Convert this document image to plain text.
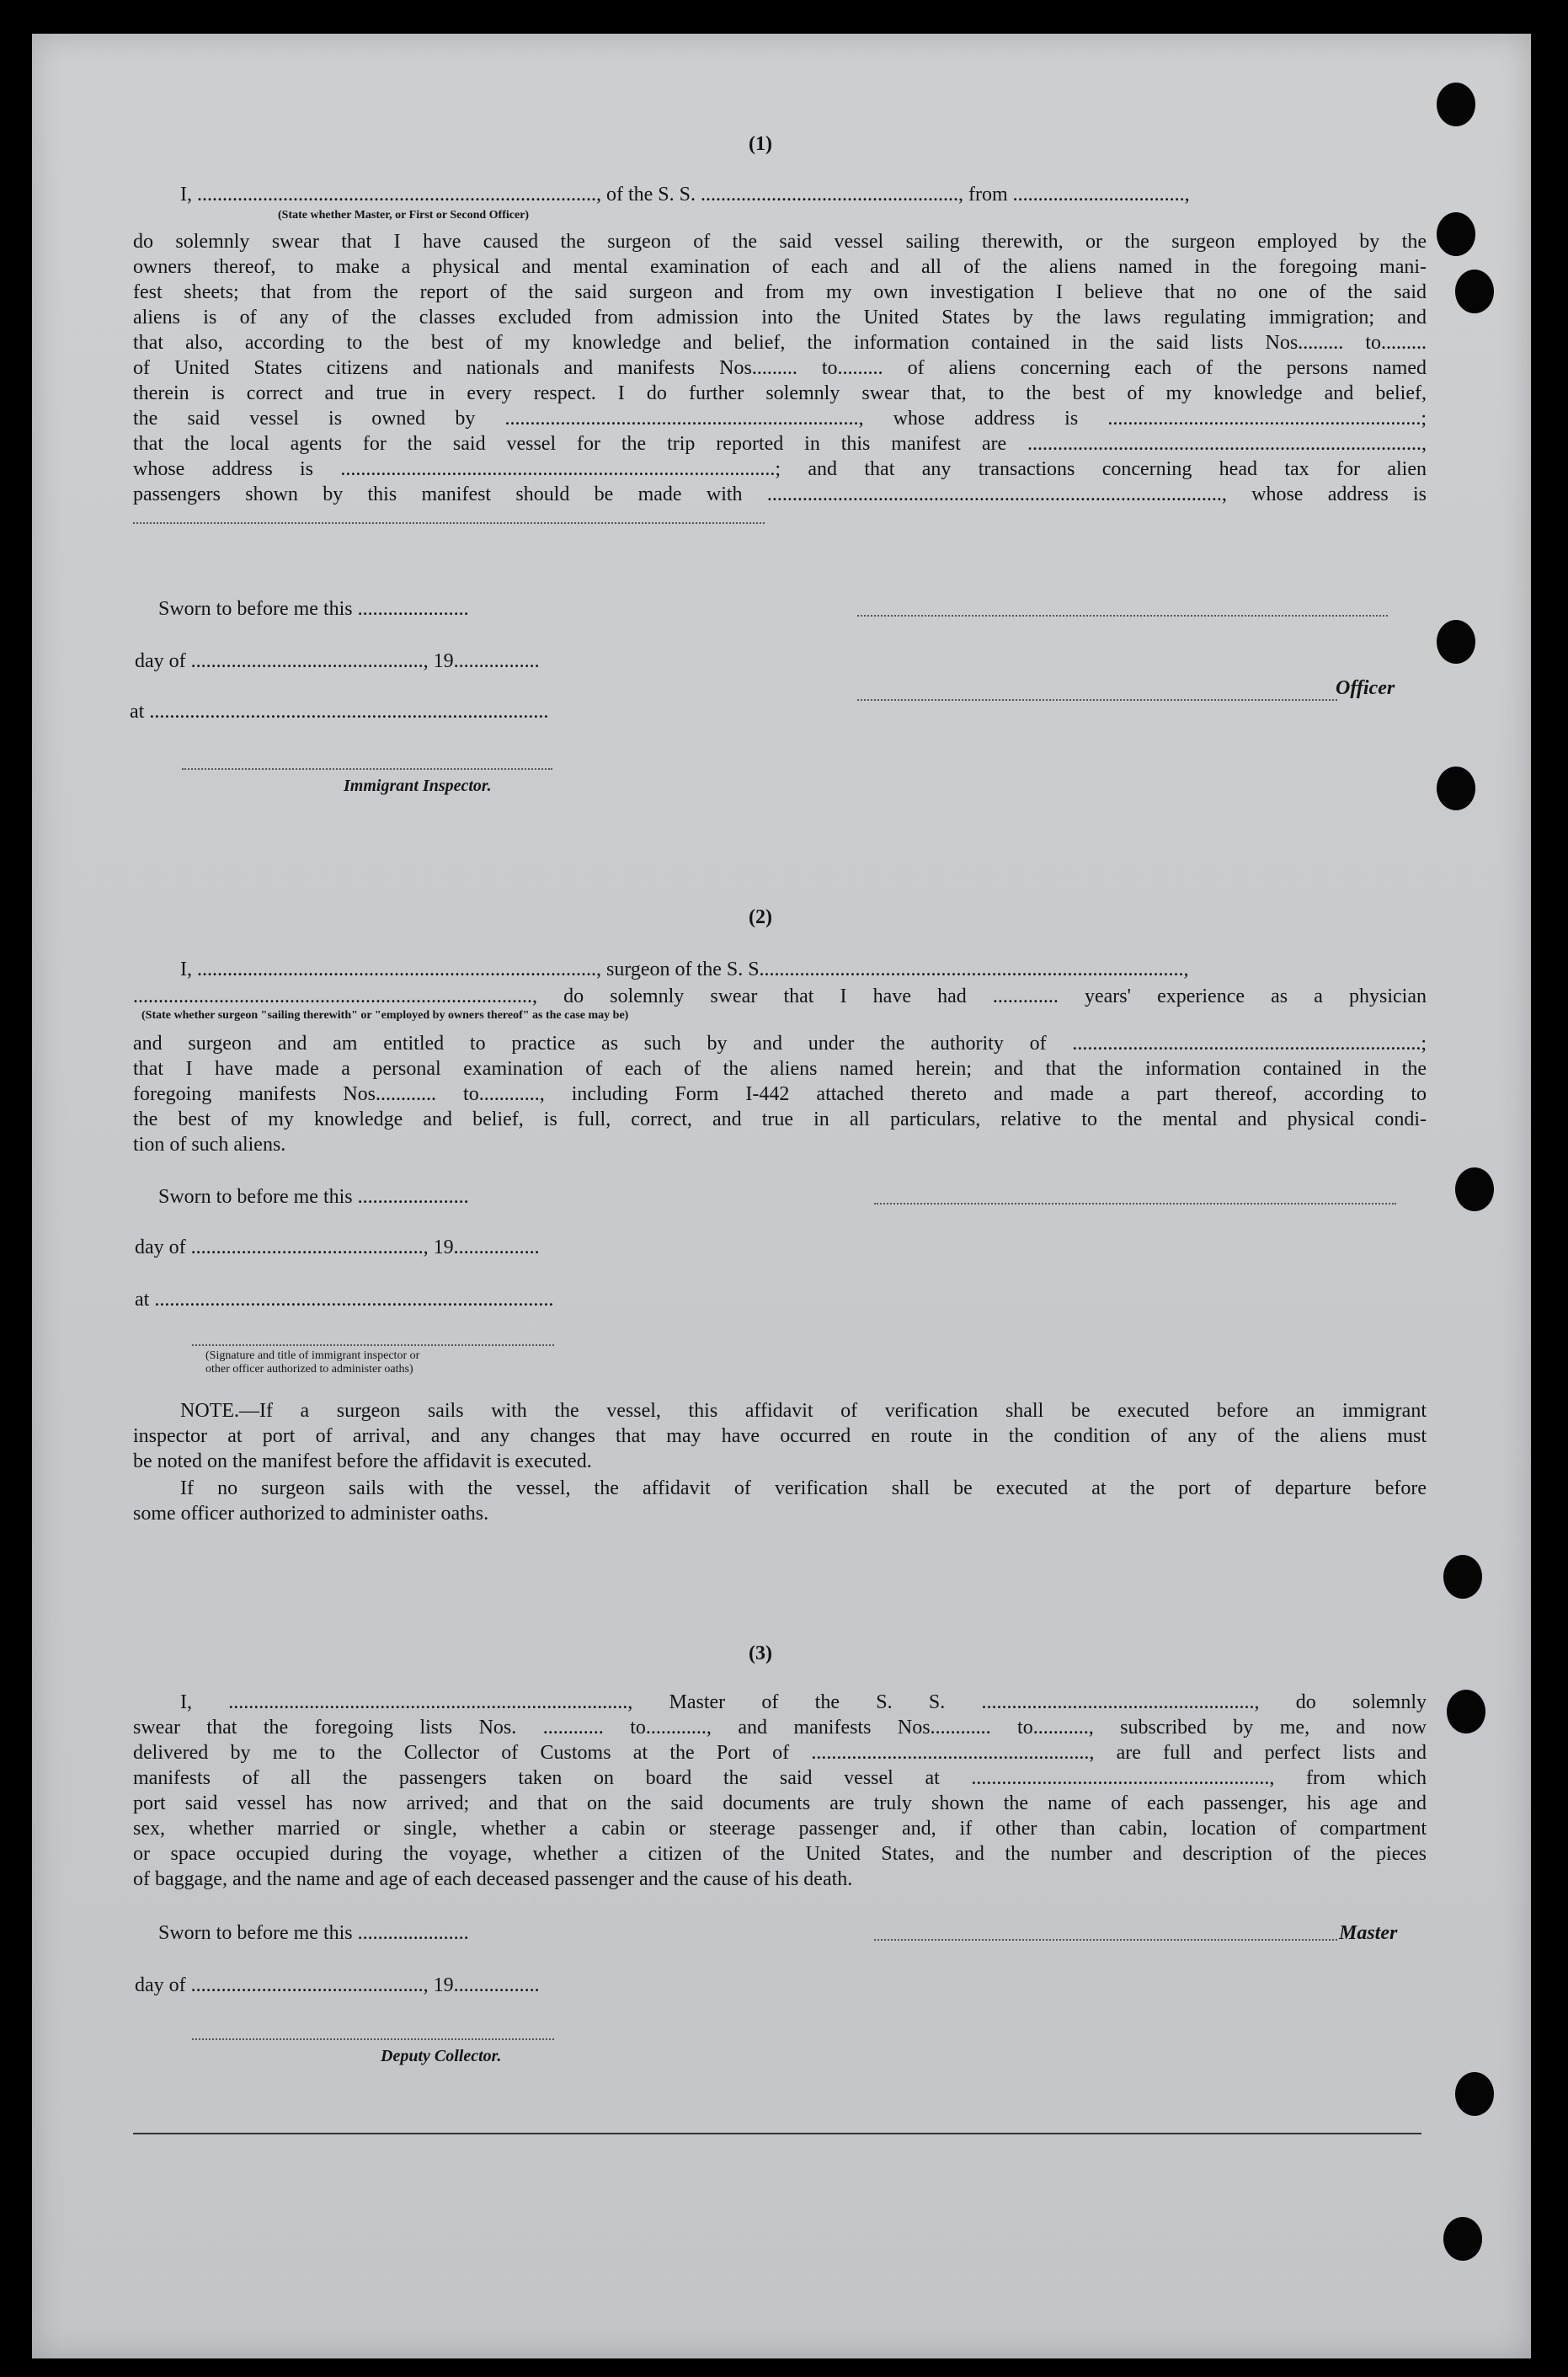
(1)
I, ..............................................................................., of the S. S. ..................................................., from ..................................,
(State whether Master, or First or Second Officer)
do solemnly swear that I have caused the surgeon of the said vessel sailing therewith, or the surgeon employed by the
owners thereof, to make a physical and mental examination of each and all of the aliens named in the foregoing mani-
fest sheets; that from the report of the said surgeon and from my own investigation I believe that no one of the said
aliens is of any of the classes excluded from admission into the United States by the laws regulating immigration; and
that also, according to the best of my knowledge and belief, the information contained in the said lists Nos......... to.........
of United States citizens and nationals and manifests Nos......... to......... of aliens concerning each of the persons named
therein is correct and true in every respect. I do further solemnly swear that, to the best of my knowledge and belief,
the said vessel is owned by ......................................................................, whose address is ..............................................................;
that the local agents for the said vessel for the trip reported in this manifest are ..............................................................................,
whose address is ......................................................................................; and that any transactions concerning head tax for alien
passengers shown by this manifest should be made with .........................................................................................., whose address is
Sworn to before me this ......................
day of .............................................., 19.................
Officer
at ...............................................................................
Immigrant Inspector.
(2)
I, ..............................................................................., surgeon of the S. S....................................................................................,
..............................................................................., do solemnly swear that I have had ............. years' experience as a physician
(State whether surgeon "sailing therewith" or "employed by owners thereof" as the case may be)
and surgeon and am entitled to practice as such by and under the authority of .....................................................................;
that I have made a personal examination of each of the aliens named herein; and that the information contained in the
foregoing manifests Nos............ to............, including Form I-442 attached thereto and made a part thereof, according to
the best of my knowledge and belief, is full, correct, and true in all particulars, relative to the mental and physical condi-
tion of such aliens.
Sworn to before me this ......................
day of .............................................., 19.................
at ...............................................................................
(Signature and title of immigrant inspector or
other officer authorized to administer oaths)
NOTE.—If a surgeon sails with the vessel, this affidavit of verification shall be executed before an immigrant
inspector at port of arrival, and any changes that may have occurred en route in the condition of any of the aliens must
be noted on the manifest before the affidavit is executed.
If no surgeon sails with the vessel, the affidavit of verification shall be executed at the port of departure before
some officer authorized to administer oaths.
(3)
I, ..............................................................................., Master of the S. S. ......................................................, do solemnly
swear that the foregoing lists Nos. ............ to............, and manifests Nos............ to..........., subscribed by me, and now
delivered by me to the Collector of Customs at the Port of ......................................................., are full and perfect lists and
manifests of all the passengers taken on board the said vessel at ..........................................................., from which
port said vessel has now arrived; and that on the said documents are truly shown the name of each passenger, his age and
sex, whether married or single, whether a cabin or steerage passenger and, if other than cabin, location of compartment
or space occupied during the voyage, whether a citizen of the United States, and the number and description of the pieces
of baggage, and the name and age of each deceased passenger and the cause of his death.
Sworn to before me this ......................	Master
day of .............................................., 19.................
Deputy Collector.
